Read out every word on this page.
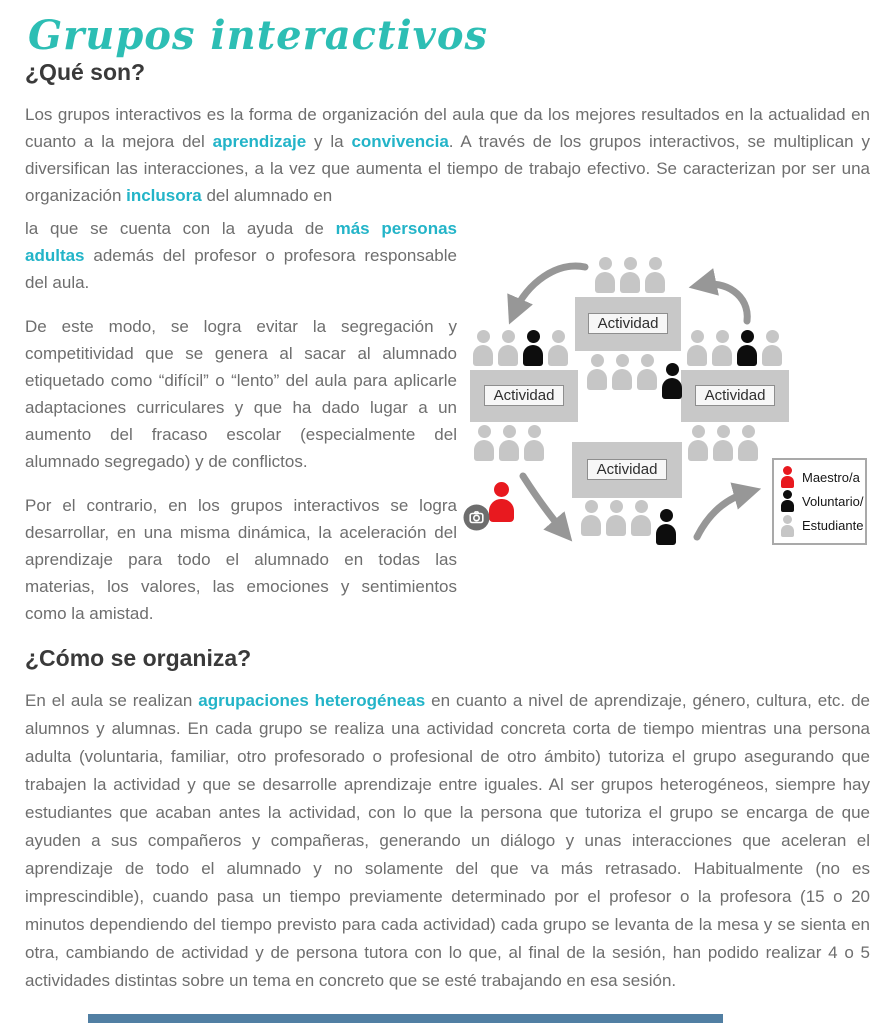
Grupos interactivos
¿Qué son?

Los grupos interactivos es la forma de organización del aula que da los mejores resultados en la actualidad en cuanto a la mejora del aprendizaje y la convivencia. A través de los grupos interactivos, se multiplican y diversifican las interacciones, a la vez que aumenta el tiempo de trabajo efectivo. Se caracterizan por ser una organización inclusora del alumnado en

la que se cuenta con la ayuda de más personas adultas además del profesor o profesora responsable del aula.

De este modo, se logra evitar la segregación y competitividad que se genera al sacar al alumnado etiquetado como “difícil” o “lento” del aula para aplicarle adaptaciones curriculares y que ha dado lugar a un aumento del fracaso escolar (especialmente del alumnado segregado) y de conflictos.

Por el contrario, en los grupos interactivos se logra desarrollar, en una misma dinámica, la aceleración del aprendizaje para todo el alumnado en todas las materias, los valores, las emociones y sentimientos como la amistad.

Actividad
Actividad	Actividad
Actividad	Maestro/a
Voluntario/
Estudiante
¿Cómo se organiza?

En el aula se realizan agrupaciones heterogéneas en cuanto a nivel de aprendizaje, género, cultura, etc. de alumnos y alumnas. En cada grupo se realiza una actividad concreta corta de tiempo mientras una persona adulta (voluntaria, familiar, otro profesorado o profesional de otro ámbito) tutoriza el grupo asegurando que trabajen la actividad y que se desarrolle aprendizaje entre iguales. Al ser grupos heterogéneos, siempre hay estudiantes que acaban antes la actividad, con lo que la persona que tutoriza el grupo se encarga de que ayuden a sus compañeros y compañeras, generando un diálogo y unas interacciones que aceleran el aprendizaje de todo el alumnado y no solamente del que va más retrasado. Habitualmente (no es imprescindible), cuando pasa un tiempo previamente determinado por el profesor o la profesora (15 o 20 minutos dependiendo del tiempo previsto para cada actividad) cada grupo se levanta de la mesa y se sienta en otra, cambiando de actividad y de persona tutora con lo que, al final de la sesión, han podido realizar 4 o 5 actividades distintas sobre un tema en concreto que se esté trabajando en esa sesión.
